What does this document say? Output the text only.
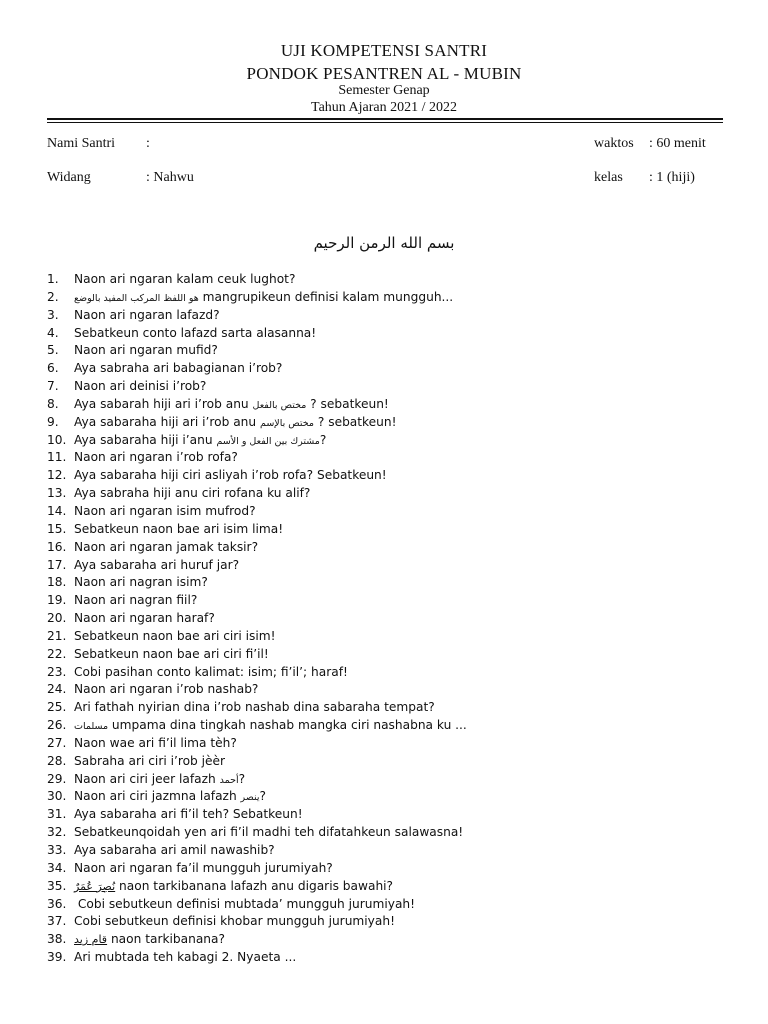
UJI KOMPETENSI SANTRI
PONDOK PESANTREN AL - MUBIN
Semester Genap
Tahun Ajaran 2021 / 2022
Nami Santri :	waktos : 60 menit
Widang	: Nahwu	kelas : 1 (hiji)
بسم الله الرمن الرحيم
1. Naon ari ngaran kalam ceuk lughot?
2. هو اللفظ المركب المفيد بالوضع mangrupikeun definisi kalam mungguh...
3. Naon ari ngaran lafazd?
4. Sebatkeun conto lafazd sarta alasanna!
5. Naon ari ngaran mufid?
6. Aya sabraha ari babagianan i’rob?
7. Naon ari deinisi i’rob?
8. Aya sabarah hiji ari i’rob anu مختص بالفعل ? sebatkeun!
9. Aya sabaraha hiji ari i’rob anu مختص بالإسم ? sebatkeun!
10. Aya sabaraha hiji i’anu مشترك بين الفعل و الأسم?
11. Naon ari ngaran i’rob rofa?
12. Aya sabaraha hiji ciri asliyah i’rob rofa? Sebatkeun!
13. Aya sabraha hiji anu ciri rofana ku alif?
14. Naon ari ngaran isim mufrod?
15. Sebatkeun naon bae ari isim lima!
16. Naon ari ngaran jamak taksir?
17. Aya sabaraha ari huruf jar?
18. Naon ari nagran isim?
19. Naon ari nagran fiil?
20. Naon ari ngaran haraf?
21. Sebatkeun naon bae ari ciri isim!
22. Sebatkeun naon bae ari ciri fi’il!
23. Cobi pasihan conto kalimat: isim; fi’il’; haraf!
24. Naon ari ngaran i’rob nashab?
25. Ari fathah nyirian dina i’rob nashab dina sabaraha tempat?
26. مسلمات umpama dina tingkah nashab mangka ciri nashabna ku ...
27. Naon wae ari fi’il lima tèh?
28. Sabraha ari ciri i’rob jèèr
29. Naon ari ciri jeer lafazh أحمد?
30. Naon ari ciri jazmna lafazh ينصر?
31. Aya sabaraha ari fi’il teh? Sebatkeun!
32. Sebatkeunqoidah yen ari fi’il madhi teh difatahkeun salawasna!
33. Aya sabaraha ari amil nawashib?
34. Naon ari ngaran fa’il mungguh jurumiyah?
35. نُصِرَ عُمَرٌ naon tarkibanana lafazh anu digaris bawahi?
36. Cobi sebutkeun definisi mubtada’ mungguh jurumiyah!
37. Cobi sebutkeun definisi khobar mungguh jurumiyah!
38. قام زيد naon tarkibanana?
39. Ari mubtada teh kabagi 2. Nyaeta ...
